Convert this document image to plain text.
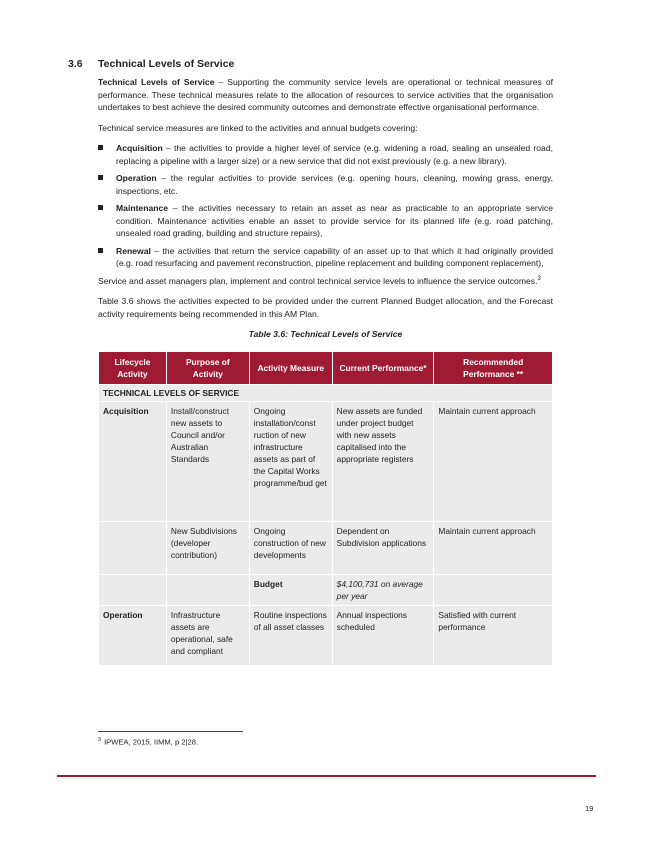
3.6 Technical Levels of Service

Technical Levels of Service – Supporting the community service levels are operational or technical measures of performance. These technical measures relate to the allocation of resources to service activities that the organisation undertakes to best achieve the desired community outcomes and demonstrate effective organisational performance.

Technical service measures are linked to the activities and annual budgets covering:

Acquisition – the activities to provide a higher level of service (e.g. widening a road, sealing an unsealed road, replacing a pipeline with a larger size) or a new service that did not exist previously (e.g. a new library).
Operation – the regular activities to provide services (e.g. opening hours, cleaning, mowing grass, energy, inspections, etc.
Maintenance – the activities necessary to retain an asset as near as practicable to an appropriate service condition. Maintenance activities enable an asset to provide service for its planned life (e.g. road patching, unsealed road grading, building and structure repairs),
Renewal – the activities that return the service capability of an asset up to that which it had originally provided (e.g. road resurfacing and pavement reconstruction, pipeline replacement and building component replacement),

Service and asset managers plan, implement and control technical service levels to influence the service outcomes.$^3$

Table 3.6 shows the activities expected to be provided under the current Planned Budget allocation, and the Forecast activity requirements being recommended in this AM Plan.

Table 3.6: Technical Levels of Service
Lifecycle Activity	Purpose of Activity	Activity Measure	Current Performance*	Recommended Performance **
TECHNICAL LEVELS OF SERVICE				
Acquisition	Install/construct new assets to Council and/or Australian Standards	Ongoing installation/const ruction of new infrastructure assets as part of the Capital Works programme/bud get	New assets are funded under project budget with new assets capitalised into the appropriate registers	Maintain current approach
	New Subdivisions (developer contribution)	Ongoing construction of new developments	Dependent on Subdivision applications	Maintain current approach
		Budget	$4,100,731 on average per year	
Operation	Infrastructure assets are operational, safe and compliant	Routine inspections of all asset classes	Annual inspections scheduled	Satisfied with current performance
$^3$ IPWEA, 2015, IIMM, p 2|28.
19
